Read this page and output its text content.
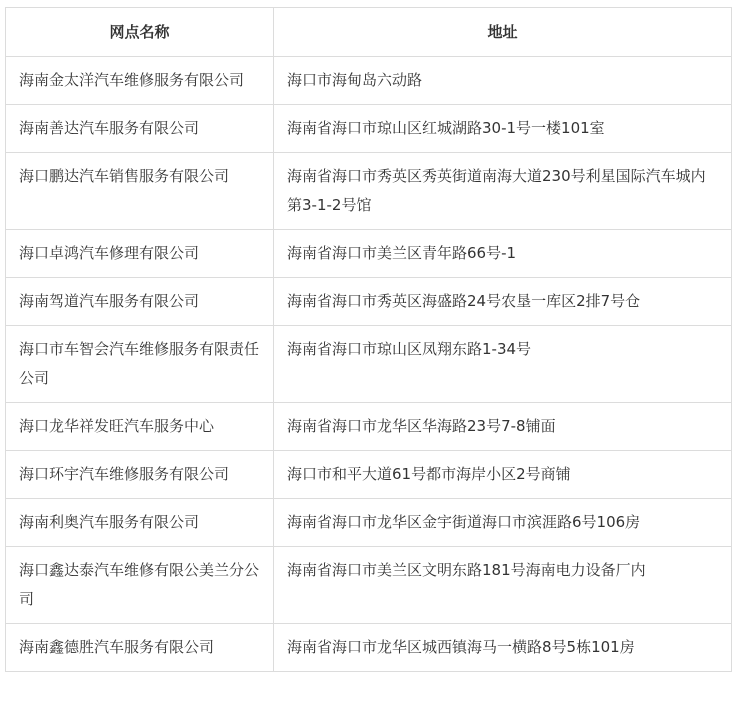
网点名称	地址
海南金太洋汽车维修服务有限公司	海口市海甸岛六动路
海南善达汽车服务有限公司	海南省海口市琼山区红城湖路30-1号一楼101室
海口鹏达汽车销售服务有限公司	海南省海口市秀英区秀英街道南海大道230号利星国际汽车城内第3-1-2号馆
海口卓鸿汽车修理有限公司	海南省海口市美兰区青年路66号-1
海南驾道汽车服务有限公司	海南省海口市秀英区海盛路24号农垦一库区2排7号仓
海口市车智会汽车维修服务有限责任公司	海南省海口市琼山区凤翔东路1-34号
海口龙华祥发旺汽车服务中心	海南省海口市龙华区华海路23号7-8铺面
海口环宇汽车维修服务有限公司	海口市和平大道61号都市海岸小区2号商铺
海南利奥汽车服务有限公司	海南省海口市龙华区金宇街道海口市滨涯路6号106房
海口鑫达泰汽车维修有限公美兰分公司	海南省海口市美兰区文明东路181号海南电力设备厂内
海南鑫德胜汽车服务有限公司	海南省海口市龙华区城西镇海马一横路8号5栋101房
